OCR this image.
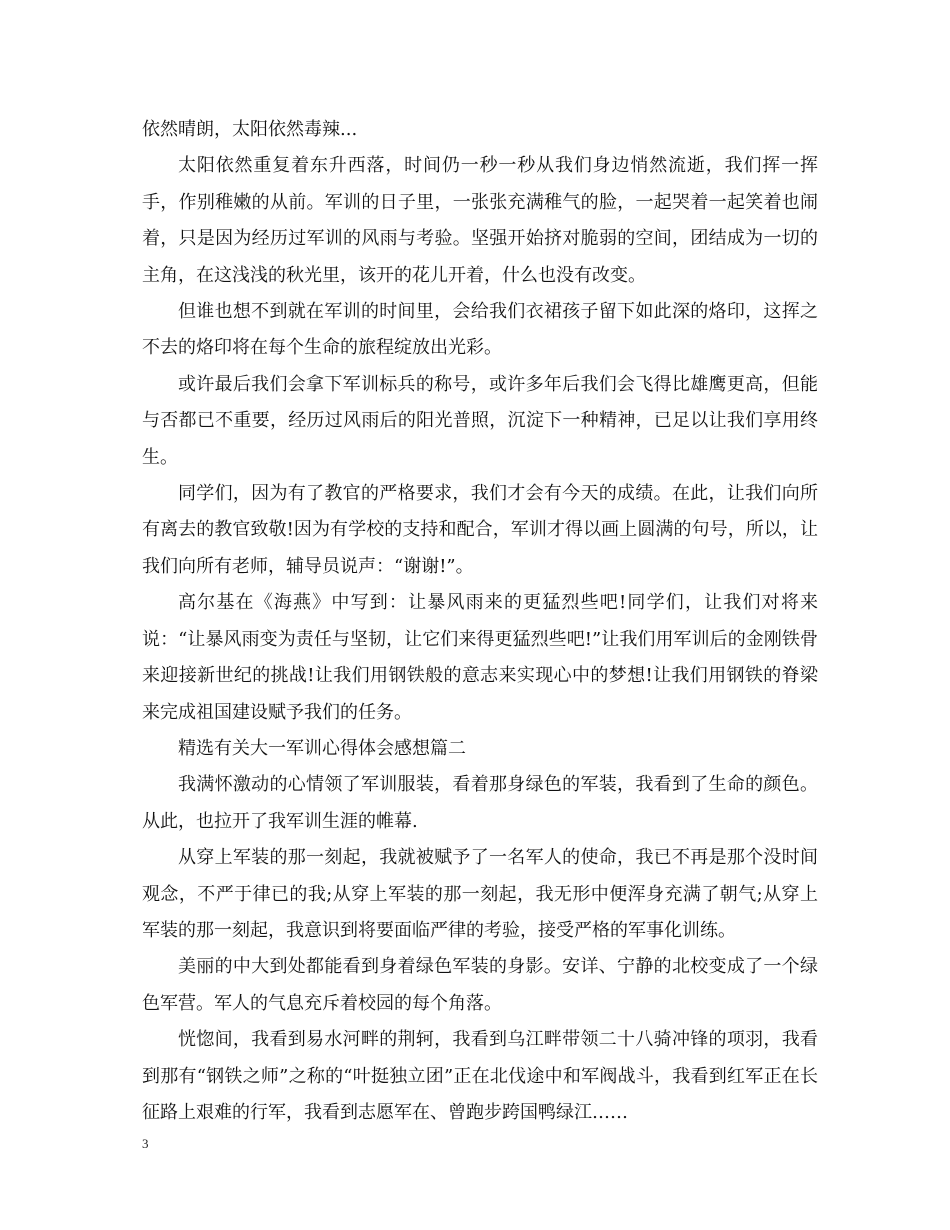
依然晴朗，太阳依然毒辣...

太阳依然重复着东升西落，时间仍一秒一秒从我们身边悄然流逝，我们挥一挥手，作别稚嫩的从前。军训的日子里，一张张充满稚气的脸，一起哭着一起笑着也闹着，只是因为经历过军训的风雨与考验。坚强开始挤对脆弱的空间，团结成为一切的主角，在这浅浅的秋光里，该开的花儿开着，什么也没有改变。

但谁也想不到就在军训的时间里，会给我们衣裙孩子留下如此深的烙印，这挥之不去的烙印将在每个生命的旅程绽放出光彩。

或许最后我们会拿下军训标兵的称号，或许多年后我们会飞得比雄鹰更高，但能与否都已不重要，经历过风雨后的阳光普照，沉淀下一种精神，已足以让我们享用终生。

同学们，因为有了教官的严格要求，我们才会有今天的成绩。在此，让我们向所有离去的教官致敬!因为有学校的支持和配合，军训才得以画上圆满的句号，所以，让我们向所有老师，辅导员说声：“谢谢!”。

高尔基在《海燕》中写到：让暴风雨来的更猛烈些吧!同学们，让我们对将来说：“让暴风雨变为责任与坚韧，让它们来得更猛烈些吧!”让我们用军训后的金刚铁骨来迎接新世纪的挑战!让我们用钢铁般的意志来实现心中的梦想!让我们用钢铁的脊梁来完成祖国建设赋予我们的任务。

精选有关大一军训心得体会感想篇二

我满怀激动的心情领了军训服装，看着那身绿色的军装，我看到了生命的颜色。从此，也拉开了我军训生涯的帷幕.

从穿上军装的那一刻起，我就被赋予了一名军人的使命，我已不再是那个没时间观念，不严于律已的我;从穿上军装的那一刻起，我无形中便浑身充满了朝气;从穿上军装的那一刻起，我意识到将要面临严律的考验，接受严格的军事化训练。

美丽的中大到处都能看到身着绿色军装的身影。安详、宁静的北校变成了一个绿色军营。军人的气息充斥着校园的每个角落。

恍惚间，我看到易水河畔的荆轲，我看到乌江畔带领二十八骑冲锋的项羽，我看到那有“钢铁之师”之称的“叶挺独立团”正在北伐途中和军阀战斗，我看到红军正在长征路上艰难的行军，我看到志愿军在、曾跑步跨国鸭绿江……

3
